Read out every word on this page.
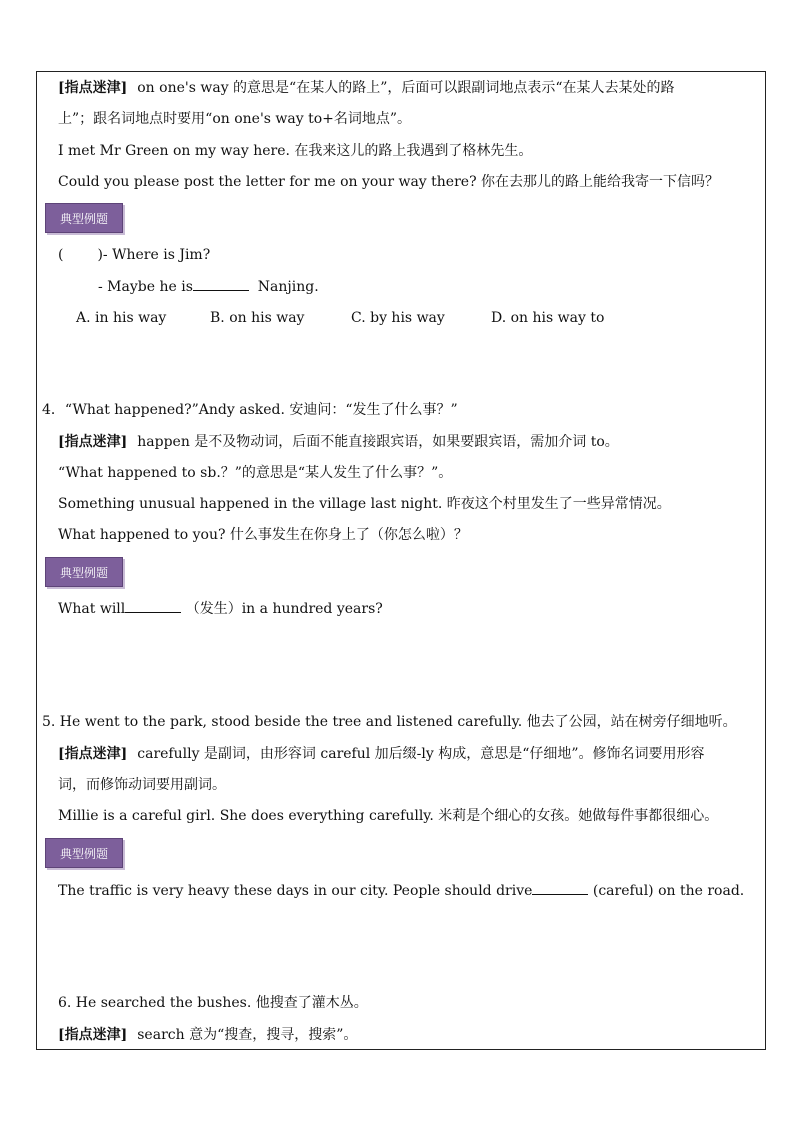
[指点迷津] on one's way 的意思是“在某人的路上”，后面可以跟副词地点表示“在某人去某处的路
上”；跟名词地点时要用“on one's way to+名词地点”。
I met Mr Green on my way here. 在我来这儿的路上我遇到了格林先生。
Could you please post the letter for me on your way there? 你在去那儿的路上能给我寄一下信吗？
典型例题
( )- Where is Jim?
- Maybe he is	Nanjing.
A. in his way	B. on his way	C. by his way	D. on his way to
4．“What happened?”Andy asked. 安迪问：“发生了什么事？”
[指点迷津] happen 是不及物动词，后面不能直接跟宾语，如果要跟宾语，需加介词 to。
“What happened to sb.？”的意思是“某人发生了什么事？”。
Something unusual happened in the village last night. 昨夜这个村里发生了一些异常情况。
What happened to you? 什么事发生在你身上了（你怎么啦）？
典型例题
What will	（发生）in a hundred years?
5. He went to the park, stood beside the tree and listened carefully. 他去了公园，站在树旁仔细地听。
[指点迷津] carefully 是副词，由形容词 careful 加后缀-ly 构成，意思是“仔细地”。修饰名词要用形容
词，而修饰动词要用副词。
Millie is a careful girl. She does everything carefully. 米莉是个细心的女孩。她做每件事都很细心。
典型例题
The traffic is very heavy these days in our city. People should drive	(careful) on the road.
6. He searched the bushes. 他搜查了灌木丛。
[指点迷津] search 意为“搜查，搜寻，搜索”。
